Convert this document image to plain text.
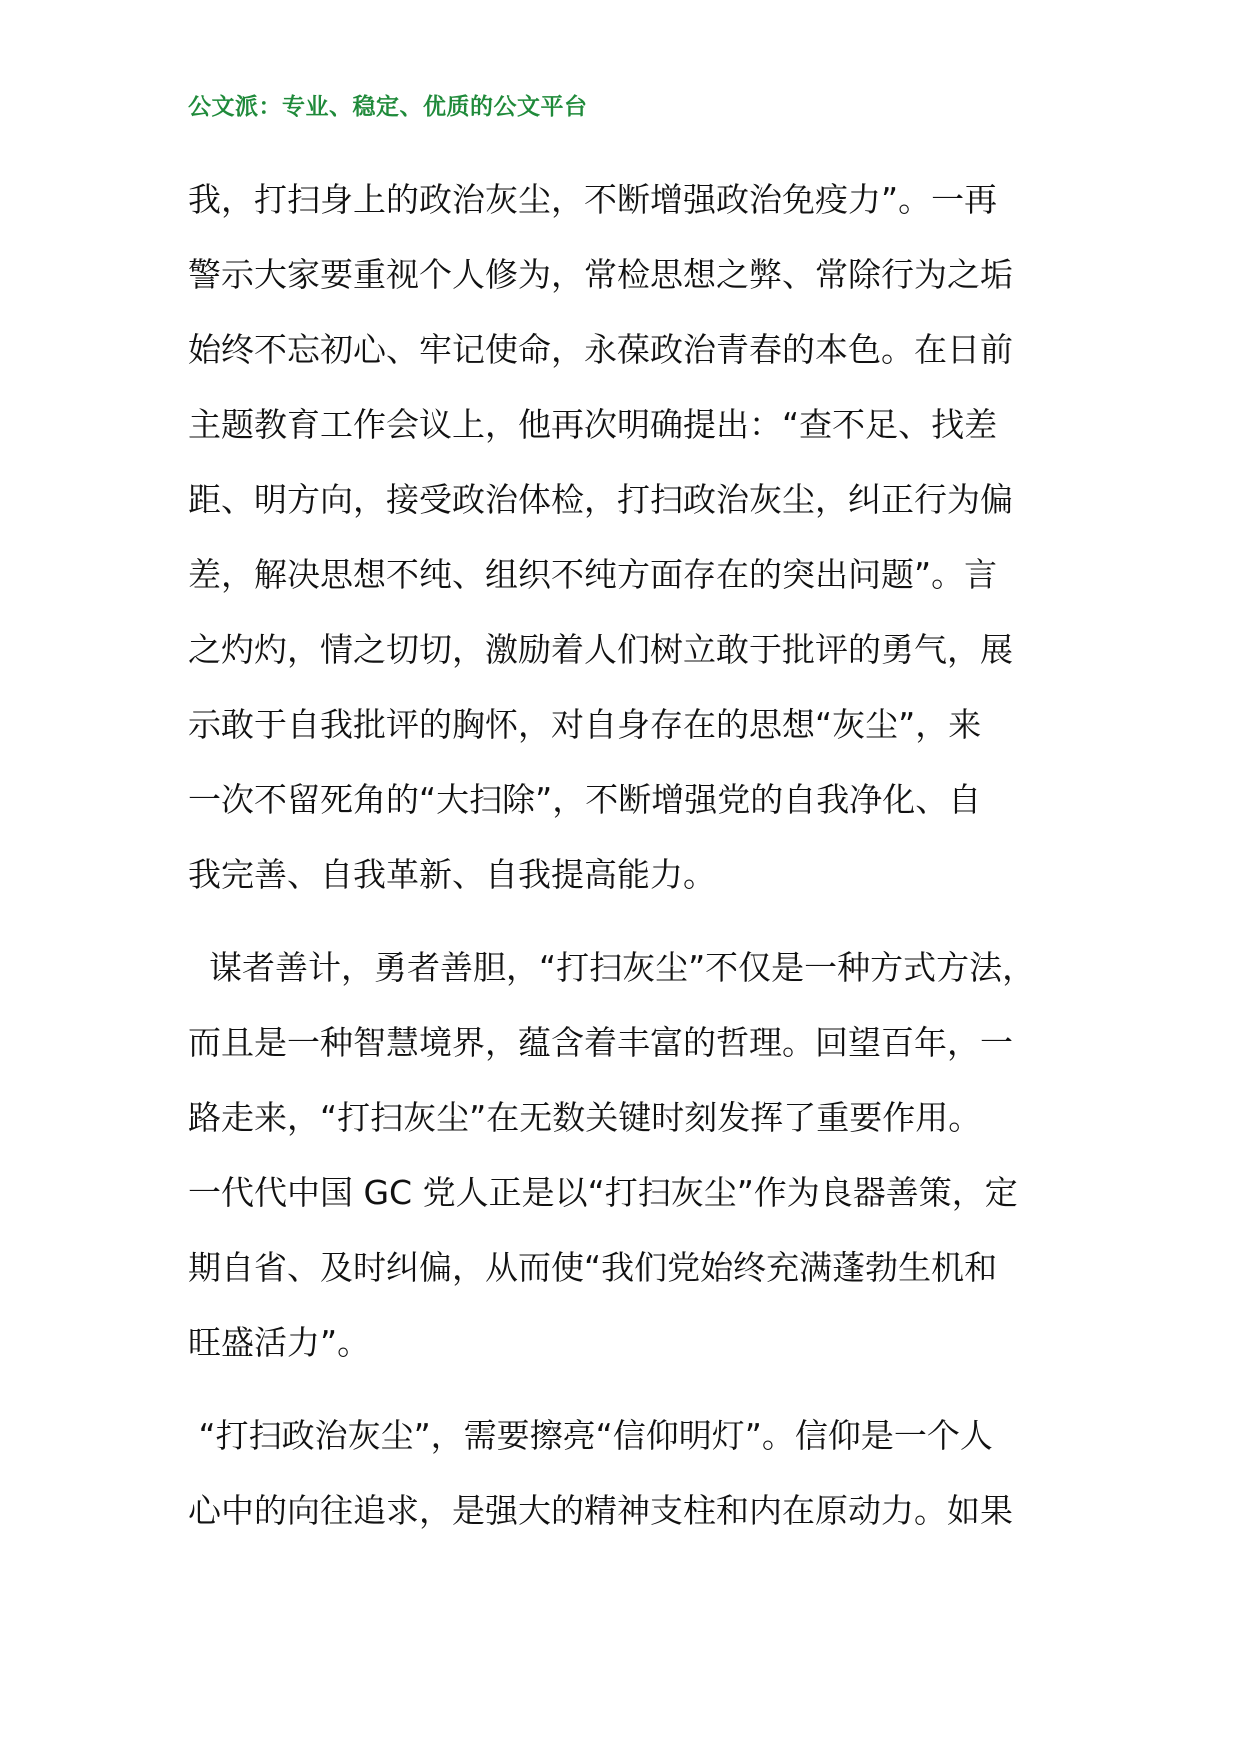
公文派：专业、稳定、优质的公文平台
我，打扫身上的政治灰尘，不断增强政治免疫力”。一再
警示大家要重视个人修为，常检思想之弊、常除行为之垢
始终不忘初心、牢记使命，永葆政治青春的本色。在日前
主题教育工作会议上，他再次明确提出：“查不足、找差
距、明方向，接受政治体检，打扫政治灰尘，纠正行为偏
差，解决思想不纯、组织不纯方面存在的突出问题”。言
之灼灼，情之切切，激励着人们树立敢于批评的勇气，展
示敢于自我批评的胸怀，对自身存在的思想“灰尘”，来
一次不留死角的“大扫除”，不断增强党的自我净化、自
我完善、自我革新、自我提高能力。
谋者善计，勇者善胆，“打扫灰尘”不仅是一种方式方法，
而且是一种智慧境界，蕴含着丰富的哲理。回望百年，一
路走来，“打扫灰尘”在无数关键时刻发挥了重要作用。
一代代中国 GC 党人正是以“打扫灰尘”作为良器善策，定
期自省、及时纠偏，从而使“我们党始终充满蓬勃生机和
旺盛活力”。
“打扫政治灰尘”，需要擦亮“信仰明灯”。信仰是一个人
心中的向往追求，是强大的精神支柱和内在原动力。如果
